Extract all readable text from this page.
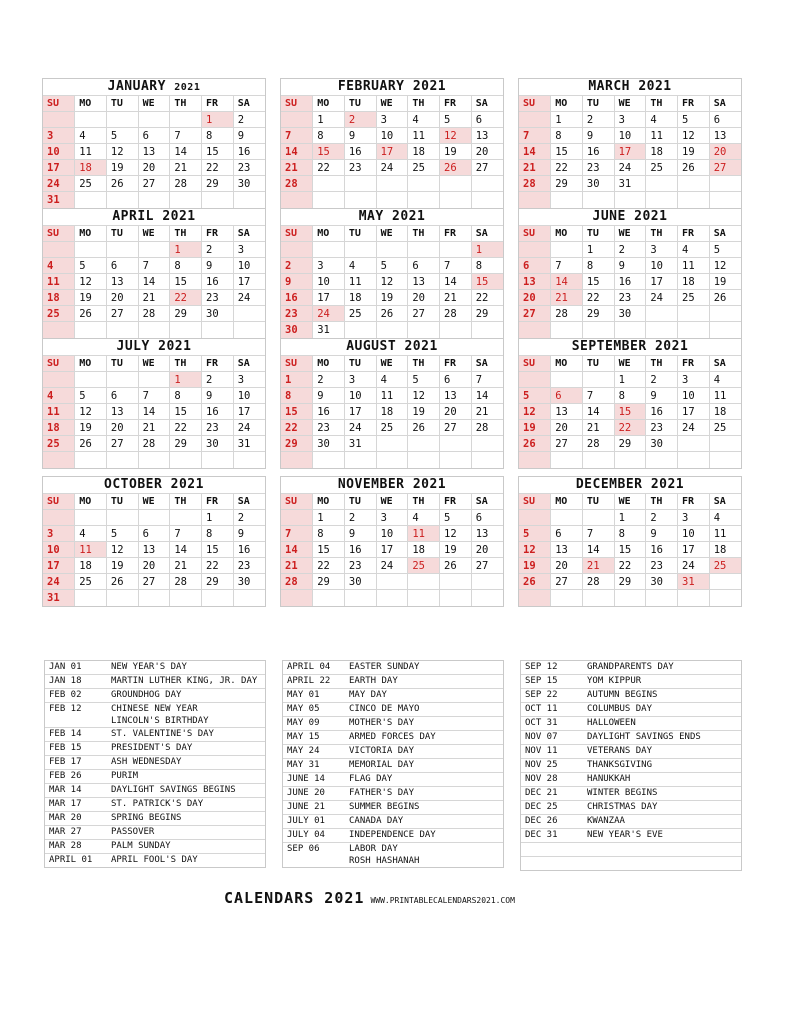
JANUARY 2021
SU	MO	TU	WE	TH	FR	SA
					1	2
3	4	5	6	7	8	9
10	11	12	13	14	15	16
17	18	19	20	21	22	23
24	25	26	27	28	29	30
31						
FEBRUARY 2021
SU	MO	TU	WE	TH	FR	SA
	1	2	3	4	5	6
7	8	9	10	11	12	13
14	15	16	17	18	19	20
21	22	23	24	25	26	27
28						

MARCH 2021
SU	MO	TU	WE	TH	FR	SA
	1	2	3	4	5	6
7	8	9	10	11	12	13
14	15	16	17	18	19	20
21	22	23	24	25	26	27
28	29	30	31			

APRIL 2021
SU	MO	TU	WE	TH	FR	SA
				1	2	3
4	5	6	7	8	9	10
11	12	13	14	15	16	17
18	19	20	21	22	23	24
25	26	27	28	29	30	

MAY 2021
SU	MO	TU	WE	TH	FR	SA
						1
2	3	4	5	6	7	8
9	10	11	12	13	14	15
16	17	18	19	20	21	22
23	24	25	26	27	28	29
30	31					
JUNE 2021
SU	MO	TU	WE	TH	FR	SA
		1	2	3	4	5
6	7	8	9	10	11	12
13	14	15	16	17	18	19
20	21	22	23	24	25	26
27	28	29	30			

JULY 2021
SU	MO	TU	WE	TH	FR	SA
				1	2	3
4	5	6	7	8	9	10
11	12	13	14	15	16	17
18	19	20	21	22	23	24
25	26	27	28	29	30	31

AUGUST 2021
SU	MO	TU	WE	TH	FR	SA
1	2	3	4	5	6	7
8	9	10	11	12	13	14
15	16	17	18	19	20	21
22	23	24	25	26	27	28
29	30	31				

SEPTEMBER 2021
SU	MO	TU	WE	TH	FR	SA
			1	2	3	4
5	6	7	8	9	10	11
12	13	14	15	16	17	18
19	20	21	22	23	24	25
26	27	28	29	30		

OCTOBER 2021
SU	MO	TU	WE	TH	FR	SA
					1	2
3	4	5	6	7	8	9
10	11	12	13	14	15	16
17	18	19	20	21	22	23
24	25	26	27	28	29	30
31						
NOVEMBER 2021
SU	MO	TU	WE	TH	FR	SA
	1	2	3	4	5	6
7	8	9	10	11	12	13
14	15	16	17	18	19	20
21	22	23	24	25	26	27
28	29	30				

DECEMBER 2021
SU	MO	TU	WE	TH	FR	SA
			1	2	3	4
5	6	7	8	9	10	11
12	13	14	15	16	17	18
19	20	21	22	23	24	25
26	27	28	29	30	31	

JAN 01	NEW YEAR'S DAY
JAN 18	MARTIN LUTHER KING, JR. DAY
FEB 02	GROUNDHOG DAY
FEB 12	CHINESE NEW YEAR
LINCOLN'S BIRTHDAY
FEB 14	ST. VALENTINE'S DAY
FEB 15	PRESIDENT'S DAY
FEB 17	ASH WEDNESDAY
FEB 26	PURIM
MAR 14	DAYLIGHT SAVINGS BEGINS
MAR 17	ST. PATRICK'S DAY
MAR 20	SPRING BEGINS
MAR 27	PASSOVER
MAR 28	PALM SUNDAY
APRIL 01	APRIL FOOL'S DAY
APRIL 04	EASTER SUNDAY
APRIL 22	EARTH DAY
MAY 01	MAY DAY
MAY 05	CINCO DE MAYO
MAY 09	MOTHER'S DAY
MAY 15	ARMED FORCES DAY
MAY 24	VICTORIA DAY
MAY 31	MEMORIAL DAY
JUNE 14	FLAG DAY
JUNE 20	FATHER'S DAY
JUNE 21	SUMMER BEGINS
JULY 01	CANADA DAY
JULY 04	INDEPENDENCE DAY
SEP 06	LABOR DAY
ROSH HASHANAH
SEP 12	GRANDPARENTS DAY
SEP 15	YOM KIPPUR
SEP 22	AUTUMN BEGINS
OCT 11	COLUMBUS DAY
OCT 31	HALLOWEEN
NOV 07	DAYLIGHT SAVINGS ENDS
NOV 11	VETERANS DAY
NOV 25	THANKSGIVING
NOV 28	HANUKKAH
DEC 21	WINTER BEGINS
DEC 25	CHRISTMAS DAY
DEC 26	KWANZAA
DEC 31	NEW YEAR'S EVE
CALENDARS 2021 WWW.PRINTABLECALENDARS2021.COM
